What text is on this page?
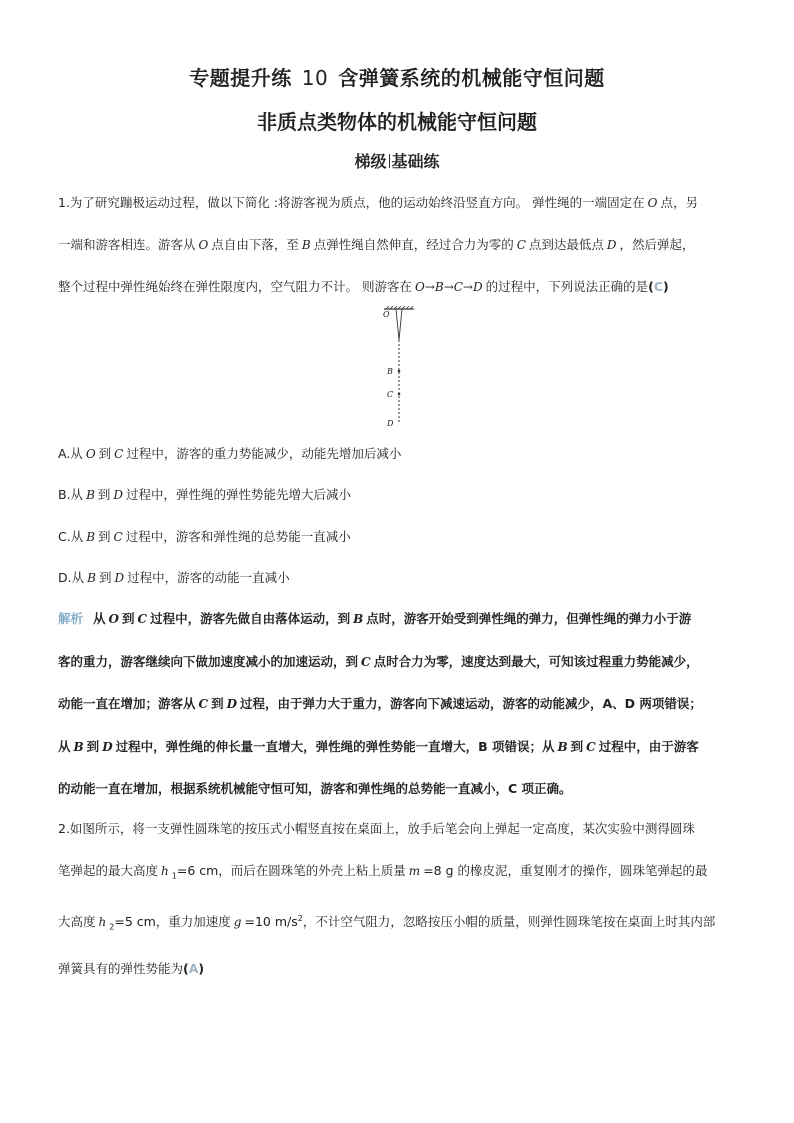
专题提升练 10 含弹簧系统的机械能守恒问题
非质点类物体的机械能守恒问题
梯级 基础练
1.为了研究蹦极运动过程，做以下简化 :将游客视为质点，他的运动始终沿竖直方向。 弹性绳的一端固定在 O 点，另
一端和游客相连。游客从 O 点自由下落，至 B 点弹性绳自然伸直，经过合力为零的 C 点到达最低点 D ，然后弹起，
整个过程中弹性绳始终在弹性限度内，空气阻力不计。 则游客在 O→B→C→D 的过程中，下列说法正确的是(C)
O
B
C
D
A.从 O 到 C 过程中，游客的重力势能减少，动能先增加后减小
B.从 B 到 D 过程中，弹性绳的弹性势能先增大后减小
C.从 B 到 C 过程中，游客和弹性绳的总势能一直减小
D.从 B 到 D 过程中，游客的动能一直减小
解析 从 O 到 C 过程中，游客先做自由落体运动，到 B 点时，游客开始受到弹性绳的弹力，但弹性绳的弹力小于游
客的重力，游客继续向下做加速度减小的加速运动，到 C 点时合力为零，速度达到最大，可知该过程重力势能减少，
动能一直在增加；游客从 C 到 D 过程，由于弹力大于重力，游客向下减速运动，游客的动能减少，A、D 两项错误；
从 B 到 D 过程中，弹性绳的伸长量一直增大，弹性绳的弹性势能一直增大，B 项错误；从 B 到 C 过程中，由于游客
的动能一直在增加，根据系统机械能守恒可知，游客和弹性绳的总势能一直减小，C 项正确。
2.如图所示，将一支弹性圆珠笔的按压式小帽竖直按在桌面上，放手后笔会向上弹起一定高度，某次实验中测得圆珠
笔弹起的最大高度 h $_1$=6 cm，而后在圆珠笔的外壳上粘上质量 m =8 g 的橡皮泥，重复刚才的操作，圆珠笔弹起的最
大高度 h $_2$=5 cm，重力加速度 g =10 $m/s^2$，不计空气阻力，忽略按压小帽的质量，则弹性圆珠笔按在桌面上时其内部
弹簧具有的弹性势能为(A)
